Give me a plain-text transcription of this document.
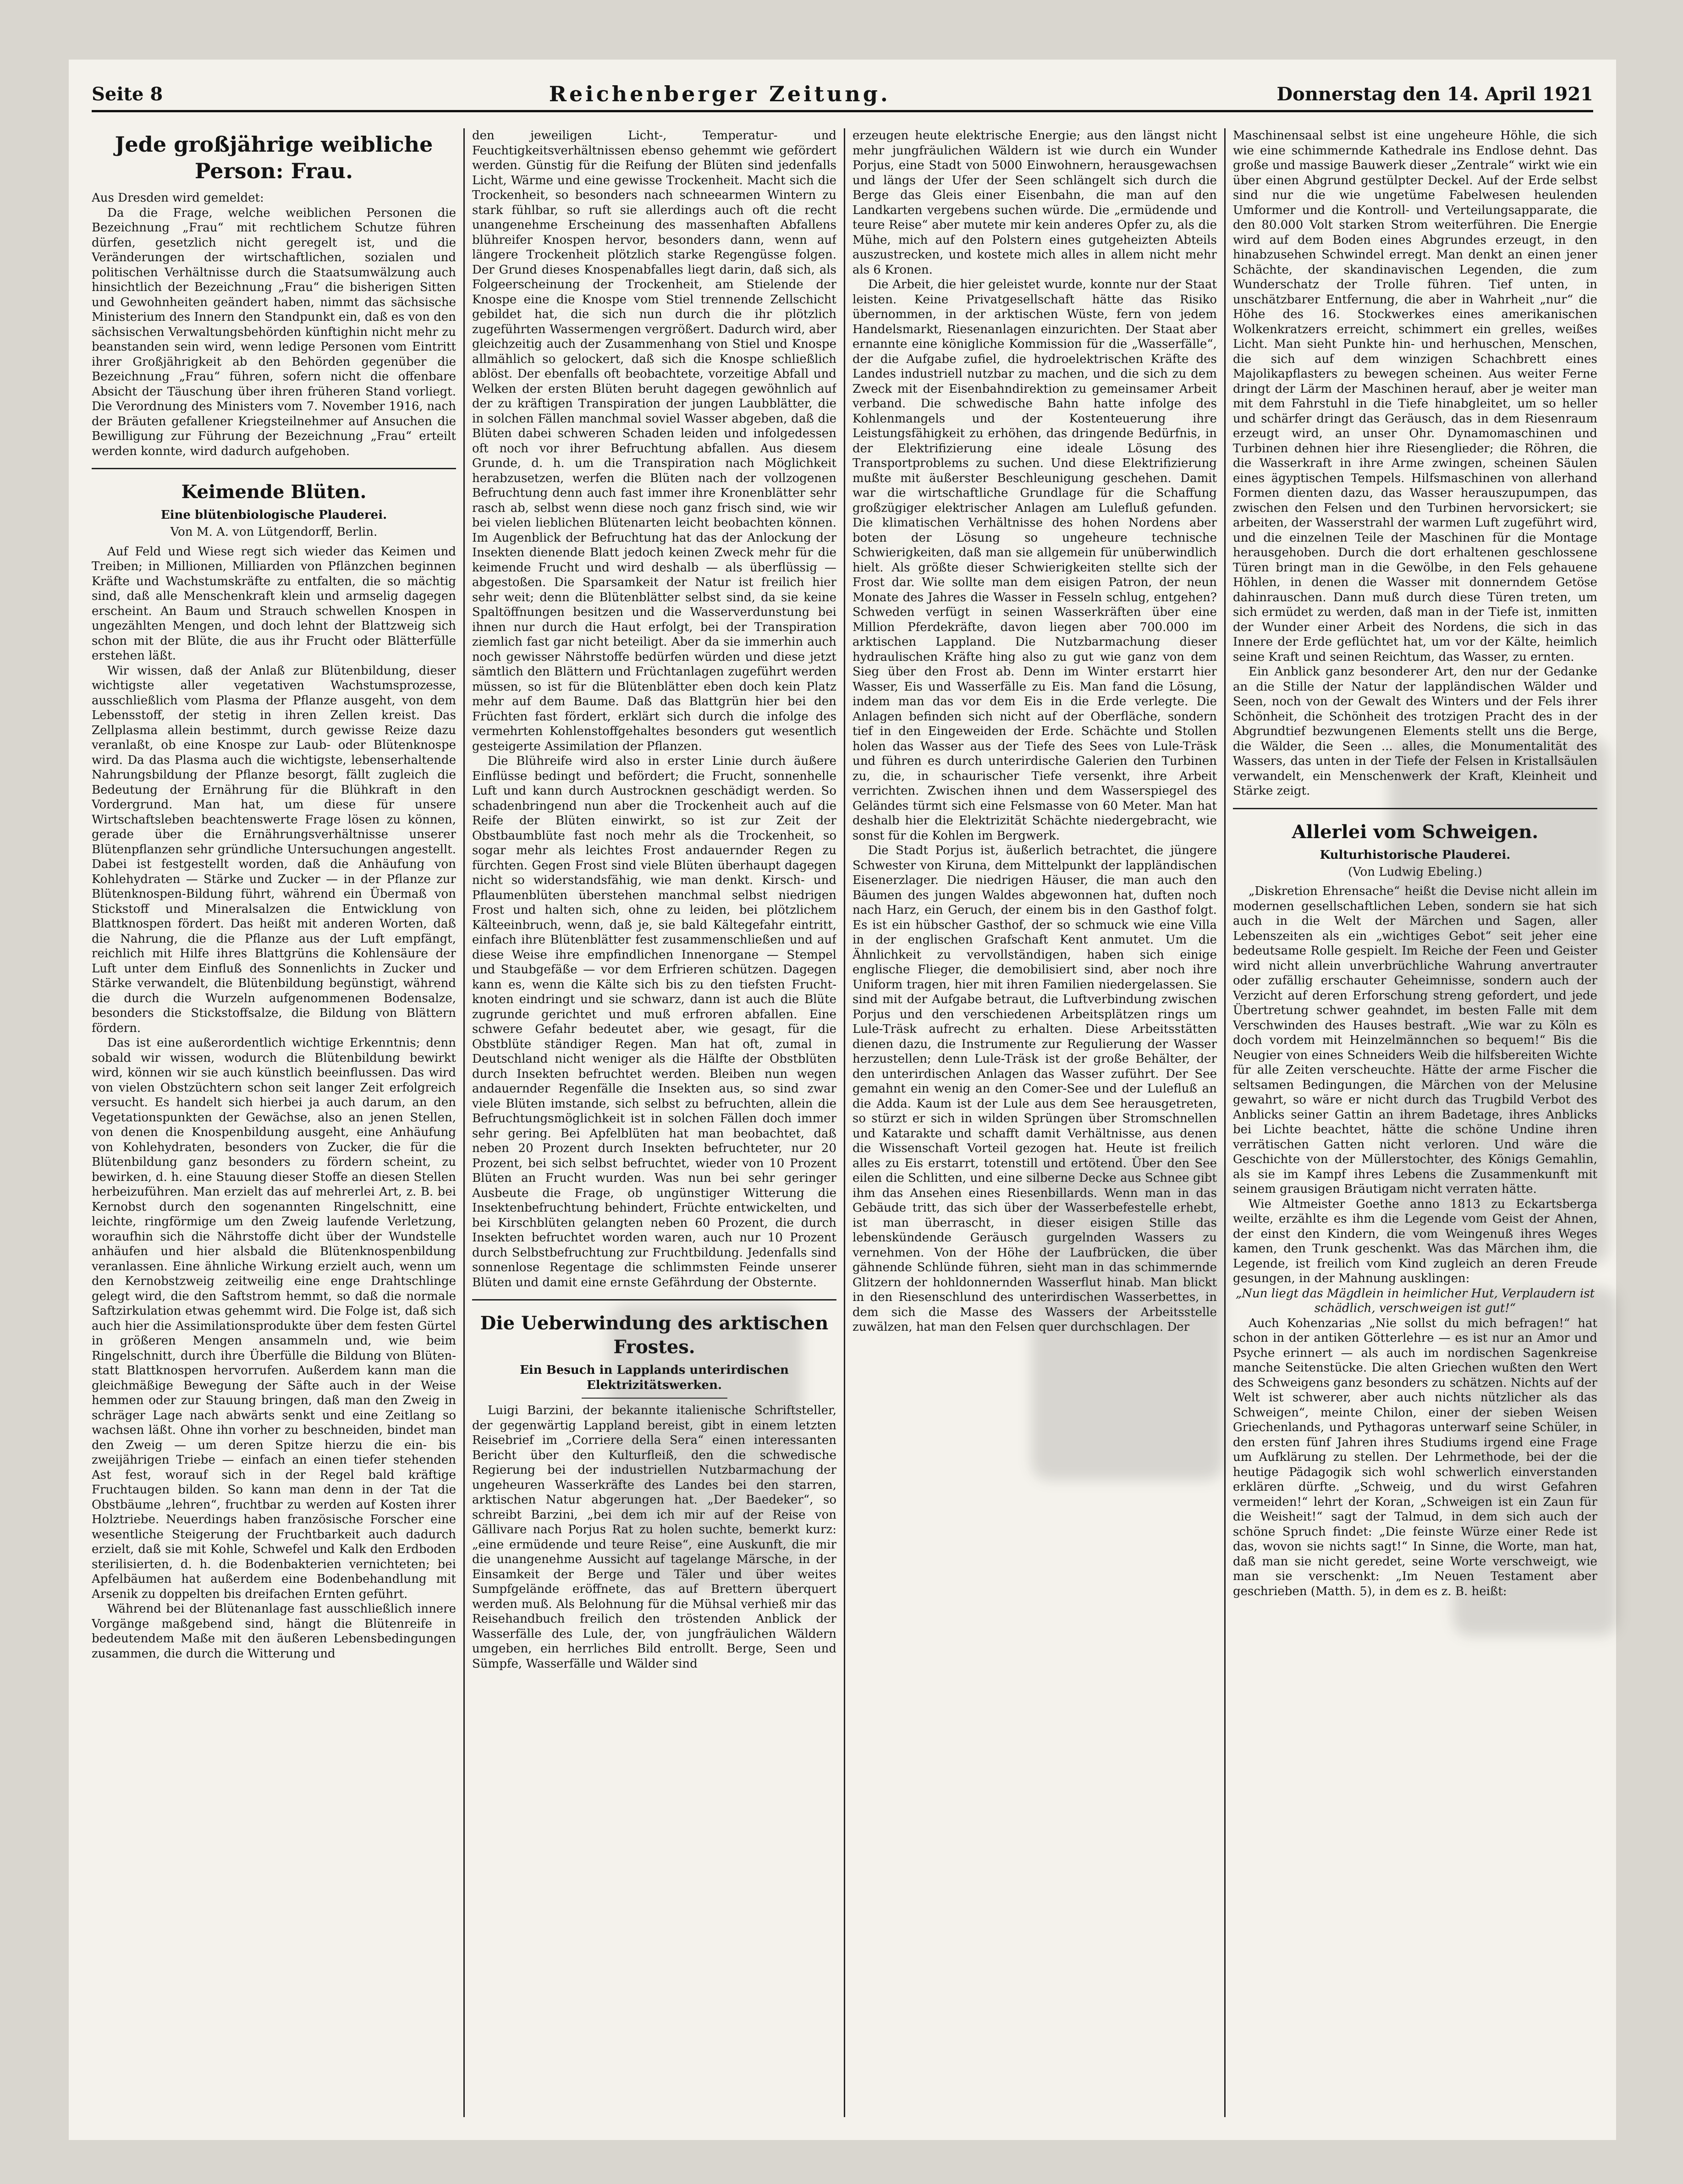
Seite 8	Reichenberger Zeitung.	Donnerstag den 14. April 1921
Jede großjährige weibliche Person: Frau.

Aus Dresden wird gemeldet:

Da die Frage, welche weiblichen Personen die Bezeichnung „Frau“ mit rechtlichem Schutze führen dürfen, gesetzlich nicht geregelt ist, und die Veränderungen der wirtschaftlichen, sozialen und politischen Verhältnisse durch die Staatsumwälzung auch hinsichtlich der Bezeichnung „Frau“ die bisherigen Sitten und Gewohnheiten geändert haben, nimmt das sächsische Ministerium des Innern den Standpunkt ein, daß es von den sächsischen Verwaltungsbehörden künftighin nicht mehr zu beanstanden sein wird, wenn ledige Personen vom Eintritt ihrer Großjährigkeit ab den Behörden gegenüber die Bezeichnung „Frau“ führen, sofern nicht die offenbare Absicht der Täuschung über ihren früheren Stand vorliegt. Die Verordnung des Ministers vom 7. November 1916, nach der Bräuten gefallener Kriegsteilnehmer auf Ansuchen die Bewilligung zur Führung der Bezeichnung „Frau“ erteilt werden konnte, wird dadurch aufgehoben.

Keimende Blüten.
Eine blütenbiologische Plauderei.
Von M. A. von Lütgendorff, Berlin.

Auf Feld und Wiese regt sich wieder das Keimen und Treiben; in Millionen, Milliarden von Pflänzchen beginnen Kräfte und Wachstumskräfte zu entfalten, die so mächtig sind, daß alle Menschenkraft klein und armselig dagegen erscheint. An Baum und Strauch schwellen Knospen in ungezählten Mengen, und doch lehnt der Blattzweig sich schon mit der Blüte, die aus ihr Frucht oder Blätterfülle erstehen läßt.

Wir wissen, daß der Anlaß zur Blütenbildung, dieser wichtigste aller vegetativen Wachstumsprozesse, ausschließlich vom Plasma der Pflanze ausgeht, von dem Lebensstoff, der stetig in ihren Zellen kreist. Das Zellplasma allein bestimmt, durch gewisse Reize dazu veranlaßt, ob eine Knospe zur Laub- oder Blütenknospe wird. Da das Plasma auch die wichtigste, lebenserhaltende Nahrungsbildung der Pflanze besorgt, fällt zugleich die Bedeutung der Ernährung für die Blühkraft in den Vordergrund. Man hat, um diese für unsere Wirtschaftsleben beachtenswerte Frage lösen zu können, gerade über die Ernährungsverhältnisse unserer Blütenpflanzen sehr gründliche Untersuchungen angestellt. Dabei ist festgestellt worden, daß die Anhäufung von Kohlehydraten — Stärke und Zucker — in der Pflanze zur Blütenknospen-Bildung führt, während ein Übermaß von Stickstoff und Mineralsalzen die Entwicklung von Blattknospen fördert. Das heißt mit anderen Worten, daß die Nahrung, die die Pflanze aus der Luft empfängt, reichlich mit Hilfe ihres Blattgrüns die Kohlensäure der Luft unter dem Einfluß des Sonnenlichts in Zucker und Stärke verwandelt, die Blütenbildung begünstigt, während die durch die Wurzeln aufgenommenen Bodensalze, besonders die Stickstoffsalze, die Bildung von Blättern fördern.

Das ist eine außerordentlich wichtige Erkenntnis; denn sobald wir wissen, wodurch die Blütenbildung bewirkt wird, können wir sie auch künstlich beeinflussen. Das wird von vielen Obstzüchtern schon seit langer Zeit erfolgreich versucht. Es handelt sich hierbei ja auch darum, an den Vegetationspunkten der Gewächse, also an jenen Stellen, von denen die Knospenbildung ausgeht, eine Anhäufung von Kohlehydraten, besonders von Zucker, die für die Blütenbildung ganz besonders zu fördern scheint, zu bewirken, d. h. eine Stauung dieser Stoffe an diesen Stellen herbeizuführen. Man erzielt das auf mehrerlei Art, z. B. bei Kernobst durch den sogenannten Ringelschnitt, eine leichte, ringförmige um den Zweig laufende Verletzung, woraufhin sich die Nährstoffe dicht über der Wundstelle anhäufen und hier alsbald die Blütenknospenbildung veranlassen. Eine ähnliche Wirkung erzielt auch, wenn um den Kernobstzweig zeitweilig eine enge Drahtschlinge gelegt wird, die den Saftstrom hemmt, so daß die normale Saftzirkulation etwas gehemmt wird. Die Folge ist, daß sich auch hier die Assimilationsprodukte über dem festen Gürtel in größeren Mengen ansammeln und, wie beim Ringelschnitt, durch ihre Überfülle die Bildung von Blüten- statt Blattknospen hervorrufen. Außerdem kann man die gleichmäßige Bewegung der Säfte auch in der Weise hemmen oder zur Stauung bringen, daß man den Zweig in schräger Lage nach abwärts senkt und eine Zeitlang so wachsen läßt. Ohne ihn vorher zu beschneiden, bindet man den Zweig — um deren Spitze hierzu die ein- bis zweijährigen Triebe — einfach an einen tiefer stehenden Ast fest, worauf sich in der Regel bald kräftige Fruchtaugen bilden. So kann man denn in der Tat die Obstbäume „lehren“, fruchtbar zu werden auf Kosten ihrer Holztriebe. Neuerdings haben französische Forscher eine wesentliche Steigerung der Fruchtbarkeit auch dadurch erzielt, daß sie mit Kohle, Schwefel und Kalk den Erdboden sterilisierten, d. h. die Bodenbakterien vernichteten; bei Apfelbäumen hat außerdem eine Bodenbehandlung mit Arsenik zu doppelten bis dreifachen Ernten geführt.

Während bei der Blütenanlage fast ausschließlich innere Vorgänge maßgebend sind, hängt die Blütenreife in bedeutendem Maße mit den äußeren Lebensbedingungen zusammen, die durch die Witterung und

den jeweiligen Licht-, Temperatur- und Feuchtigkeitsverhältnissen ebenso gehemmt wie gefördert werden. Günstig für die Reifung der Blüten sind jedenfalls Licht, Wärme und eine gewisse Trockenheit. Macht sich die Trockenheit, so besonders nach schneearmen Wintern zu stark fühlbar, so ruft sie allerdings auch oft die recht unangenehme Erscheinung des massenhaften Abfallens blühreifer Knospen hervor, besonders dann, wenn auf längere Trockenheit plötzlich starke Regengüsse folgen. Der Grund dieses Knospenabfalles liegt darin, daß sich, als Folgeerscheinung der Trockenheit, am Stielende der Knospe eine die Knospe vom Stiel trennende Zellschicht gebildet hat, die sich nun durch die ihr plötzlich zugeführten Wassermengen vergrößert. Dadurch wird, aber gleichzeitig auch der Zusammenhang von Stiel und Knospe allmählich so gelockert, daß sich die Knospe schließlich ablöst. Der ebenfalls oft beobachtete, vorzeitige Abfall und Welken der ersten Blüten beruht dagegen gewöhnlich auf der zu kräftigen Transpiration der jungen Laubblätter, die in solchen Fällen manchmal soviel Wasser abgeben, daß die Blüten dabei schweren Schaden leiden und infolgedessen oft noch vor ihrer Befruchtung abfallen. Aus diesem Grunde, d. h. um die Transpiration nach Möglichkeit herabzusetzen, werfen die Blüten nach der vollzogenen Befruchtung denn auch fast immer ihre Kronenblätter sehr rasch ab, selbst wenn diese noch ganz frisch sind, wie wir bei vielen lieblichen Blütenarten leicht beobachten können. Im Augenblick der Befruchtung hat das der Anlockung der Insekten dienende Blatt jedoch keinen Zweck mehr für die keimende Frucht und wird deshalb — als überflüssig — abgestoßen. Die Sparsamkeit der Natur ist freilich hier sehr weit; denn die Blütenblätter selbst sind, da sie keine Spaltöffnungen besitzen und die Wasserverdunstung bei ihnen nur durch die Haut erfolgt, bei der Transpiration ziemlich fast gar nicht beteiligt. Aber da sie immerhin auch noch gewisser Nährstoffe bedürfen würden und diese jetzt sämtlich den Blättern und Früchtanlagen zugeführt werden müssen, so ist für die Blütenblätter eben doch kein Platz mehr auf dem Baume. Daß das Blattgrün hier bei den Früchten fast fördert, erklärt sich durch die infolge des vermehrten Kohlenstoffgehaltes besonders gut wesentlich gesteigerte Assimilation der Pflanzen.

Die Blühreife wird also in erster Linie durch äußere Einflüsse bedingt und befördert; die Frucht, sonnenhelle Luft und kann durch Austrocknen geschädigt werden. So schadenbringend nun aber die Trockenheit auch auf die Reife der Blüten einwirkt, so ist zur Zeit der Obstbaumblüte fast noch mehr als die Trockenheit, so sogar mehr als leichtes Frost andauernder Regen zu fürchten. Gegen Frost sind viele Blüten überhaupt dagegen nicht so widerstandsfähig, wie man denkt. Kirsch- und Pflaumenblüten überstehen manchmal selbst niedrigen Frost und halten sich, ohne zu leiden, bei plötzlichem Kälteeinbruch, wenn, daß je, sie bald Kältegefahr eintritt, einfach ihre Blütenblätter fest zusammenschließen und auf diese Weise ihre empfindlichen Innenorgane — Stempel und Staubgefäße — vor dem Erfrieren schützen. Dagegen kann es, wenn die Kälte sich bis zu den tiefsten Frucht-knoten eindringt und sie schwarz, dann ist auch die Blüte zugrunde gerichtet und muß erfroren abfallen. Eine schwere Gefahr bedeutet aber, wie gesagt, für die Obstblüte ständiger Regen. Man hat oft, zumal in Deutschland nicht weniger als die Hälfte der Obstblüten durch Insekten befruchtet werden. Bleiben nun wegen andauernder Regenfälle die Insekten aus, so sind zwar viele Blüten imstande, sich selbst zu befruchten, allein die Befruchtungsmöglichkeit ist in solchen Fällen doch immer sehr gering. Bei Apfelblüten hat man beobachtet, daß neben 20 Prozent durch Insekten befruchteter, nur 20 Prozent, bei sich selbst befruchtet, wieder von 10 Prozent Blüten an Frucht wurden. Was nun bei sehr geringer Ausbeute die Frage, ob ungünstiger Witterung die Insektenbefruchtung behindert, Früchte entwickelten, und bei Kirschblüten gelangten neben 60 Prozent, die durch Insekten befruchtet worden waren, auch nur 10 Prozent durch Selbstbefruchtung zur Fruchtbildung. Jedenfalls sind sonnenlose Regentage die schlimmsten Feinde unserer Blüten und damit eine ernste Gefährdung der Obsternte.

Die Ueberwindung des arktischen Frostes.
Ein Besuch in Lapplands unterirdischen Elektrizitätswerken.

Luigi Barzini, der bekannte italienische Schriftsteller, der gegenwärtig Lappland bereist, gibt in einem letzten Reisebrief im „Corriere della Sera“ einen interessanten Bericht über den Kulturfleiß, den die schwedische Regierung bei der industriellen Nutzbarmachung der ungeheuren Wasserkräfte des Landes bei den starren, arktischen Natur abgerungen hat. „Der Baedeker“, so schreibt Barzini, „bei dem ich mir auf der Reise von Gällivare nach Porjus Rat zu holen suchte, bemerkt kurz: „eine ermüdende und teure Reise“, eine Auskunft, die mir die unangenehme Aussicht auf tagelange Märsche, in der Einsamkeit der Berge und Täler und über weites Sumpfgelände eröffnete, das auf Brettern überquert werden muß. Als Belohnung für die Mühsal verhieß mir das Reisehandbuch freilich den tröstenden Anblick der Wasserfälle des Lule, der, von jungfräulichen Wäldern umgeben, ein herrliches Bild entrollt. Berge, Seen und Sümpfe, Wasserfälle und Wälder sind

erzeugen heute elektrische Energie; aus den längst nicht mehr jungfräulichen Wäldern ist wie durch ein Wunder Porjus, eine Stadt von 5000 Einwohnern, herausgewachsen und längs der Ufer der Seen schlängelt sich durch die Berge das Gleis einer Eisenbahn, die man auf den Landkarten vergebens suchen würde. Die „ermüdende und teure Reise“ aber mutete mir kein anderes Opfer zu, als die Mühe, mich auf den Polstern eines gutgeheizten Abteils auszustrecken, und kostete mich alles in allem nicht mehr als 6 Kronen.

Die Arbeit, die hier geleistet wurde, konnte nur der Staat leisten. Keine Privatgesellschaft hätte das Risiko übernommen, in der arktischen Wüste, fern von jedem Handelsmarkt, Riesenanlagen einzurichten. Der Staat aber ernannte eine königliche Kommission für die „Wasserfälle“, der die Aufgabe zufiel, die hydroelektrischen Kräfte des Landes industriell nutzbar zu machen, und die sich zu dem Zweck mit der Eisenbahndirektion zu gemeinsamer Arbeit verband. Die schwedische Bahn hatte infolge des Kohlenmangels und der Kostenteuerung ihre Leistungsfähigkeit zu erhöhen, das dringende Bedürfnis, in der Elektrifizierung eine ideale Lösung des Transportproblems zu suchen. Und diese Elektrifizierung mußte mit äußerster Beschleunigung geschehen. Damit war die wirtschaftliche Grundlage für die Schaffung großzügiger elektrischer Anlagen am Lulefluß gefunden. Die klimatischen Verhältnisse des hohen Nordens aber boten der Lösung so ungeheure technische Schwierigkeiten, daß man sie allgemein für unüberwindlich hielt. Als größte dieser Schwierigkeiten stellte sich der Frost dar. Wie sollte man dem eisigen Patron, der neun Monate des Jahres die Wasser in Fesseln schlug, entgehen? Schweden verfügt in seinen Wasserkräften über eine Million Pferdekräfte, davon liegen aber 700.000 im arktischen Lappland. Die Nutzbarmachung dieser hydraulischen Kräfte hing also zu gut wie ganz von dem Sieg über den Frost ab. Denn im Winter erstarrt hier Wasser, Eis und Wasserfälle zu Eis. Man fand die Lösung, indem man das vor dem Eis in die Erde verlegte. Die Anlagen befinden sich nicht auf der Oberfläche, sondern tief in den Eingeweiden der Erde. Schächte und Stollen holen das Wasser aus der Tiefe des Sees von Lule-Träsk und führen es durch unterirdische Galerien den Turbinen zu, die, in schaurischer Tiefe versenkt, ihre Arbeit verrichten. Zwischen ihnen und dem Wasserspiegel des Geländes türmt sich eine Felsmasse von 60 Meter. Man hat deshalb hier die Elektrizität Schächte niedergebracht, wie sonst für die Kohlen im Bergwerk.

Die Stadt Porjus ist, äußerlich betrachtet, die jüngere Schwester von Kiruna, dem Mittelpunkt der lappländischen Eisenerzlager. Die niedrigen Häuser, die man auch den Bäumen des jungen Waldes abgewonnen hat, duften noch nach Harz, ein Geruch, der einem bis in den Gasthof folgt. Es ist ein hübscher Gasthof, der so schmuck wie eine Villa in der englischen Grafschaft Kent anmutet. Um die Ähnlichkeit zu vervollständigen, haben sich einige englische Flieger, die demobilisiert sind, aber noch ihre Uniform tragen, hier mit ihren Familien niedergelassen. Sie sind mit der Aufgabe betraut, die Luftverbindung zwischen Porjus und den verschiedenen Arbeitsplätzen rings um Lule-Träsk aufrecht zu erhalten. Diese Arbeitsstätten dienen dazu, die Instrumente zur Regulierung der Wasser herzustellen; denn Lule-Träsk ist der große Behälter, der den unterirdischen Anlagen das Wasser zuführt. Der See gemahnt ein wenig an den Comer-See und der Lulefluß an die Adda. Kaum ist der Lule aus dem See herausgetreten, so stürzt er sich in wilden Sprüngen über Stromschnellen und Katarakte und schafft damit Verhältnisse, aus denen die Wissenschaft Vorteil gezogen hat. Heute ist freilich alles zu Eis erstarrt, totenstill und ertötend. Über den See eilen die Schlitten, und eine silberne Decke aus Schnee gibt ihm das Ansehen eines Riesenbillards. Wenn man in das Gebäude tritt, das sich über der Wasserbefestelle erhebt, ist man überrascht, in dieser eisigen Stille das lebenskündende Geräusch gurgelnden Wassers zu vernehmen. Von der Höhe der Laufbrücken, die über gähnende Schlünde führen, sieht man in das schimmernde Glitzern der hohldonnernden Wasserflut hinab. Man blickt in den Riesenschlund des unterirdischen Wasserbettes, in dem sich die Masse des Wassers der Arbeitsstelle zuwälzen, hat man den Felsen quer durchschlagen. Der

Maschinensaal selbst ist eine ungeheure Höhle, die sich wie eine schimmernde Kathedrale ins Endlose dehnt. Das große und massige Bauwerk dieser „Zentrale“ wirkt wie ein über einen Abgrund gestülpter Deckel. Auf der Erde selbst sind nur die wie ungetüme Fabelwesen heulenden Umformer und die Kontroll- und Verteilungsapparate, die den 80.000 Volt starken Strom weiterführen. Die Energie wird auf dem Boden eines Abgrundes erzeugt, in den hinabzusehen Schwindel erregt. Man denkt an einen jener Schächte, der skandinavischen Legenden, die zum Wunderschatz der Trolle führen. Tief unten, in unschätzbarer Entfernung, die aber in Wahrheit „nur“ die Höhe des 16. Stockwerkes eines amerikanischen Wolkenkratzers erreicht, schimmert ein grelles, weißes Licht. Man sieht Punkte hin- und herhuschen, Menschen, die sich auf dem winzigen Schachbrett eines Majolikapflasters zu bewegen scheinen. Aus weiter Ferne dringt der Lärm der Maschinen herauf, aber je weiter man mit dem Fahrstuhl in die Tiefe hinabgleitet, um so heller und schärfer dringt das Geräusch, das in dem Riesenraum erzeugt wird, an unser Ohr. Dynamomaschinen und Turbinen dehnen hier ihre Riesenglieder; die Röhren, die die Wasserkraft in ihre Arme zwingen, scheinen Säulen eines ägyptischen Tempels. Hilfsmaschinen von allerhand Formen dienten dazu, das Wasser herauszupumpen, das zwischen den Felsen und den Turbinen hervorsickert; sie arbeiten, der Wasserstrahl der warmen Luft zugeführt wird, und die einzelnen Teile der Maschinen für die Montage herausgehoben. Durch die dort erhaltenen geschlossene Türen bringt man in die Gewölbe, in den Fels gehauene Höhlen, in denen die Wasser mit donnerndem Getöse dahinrauschen. Dann muß durch diese Türen treten, um sich ermüdet zu werden, daß man in der Tiefe ist, inmitten der Wunder einer Arbeit des Nordens, die sich in das Innere der Erde geflüchtet hat, um vor der Kälte, heimlich seine Kraft und seinen Reichtum, das Wasser, zu ernten.

Ein Anblick ganz besonderer Art, den nur der Gedanke an die Stille der Natur der lappländischen Wälder und Seen, noch von der Gewalt des Winters und der Fels ihrer Schönheit, die Schönheit des trotzigen Pracht des in der Abgrundtief bezwungenen Elements stellt uns die Berge, die Wälder, die Seen ... alles, die Monumentalität des Wassers, das unten in der Tiefe der Felsen in Kristallsäulen verwandelt, ein Menschenwerk der Kraft, Kleinheit und Stärke zeigt.

Allerlei vom Schweigen.
Kulturhistorische Plauderei.
(Von Ludwig Ebeling.)

„Diskretion Ehrensache“ heißt die Devise nicht allein im modernen gesellschaftlichen Leben, sondern sie hat sich auch in die Welt der Märchen und Sagen, aller Lebenszeiten als ein „wichtiges Gebot“ seit jeher eine bedeutsame Rolle gespielt. Im Reiche der Feen und Geister wird nicht allein unverbrüchliche Wahrung anvertrauter oder zufällig erschauter Geheimnisse, sondern auch der Verzicht auf deren Erforschung streng gefordert, und jede Übertretung schwer geahndet, im besten Falle mit dem Verschwinden des Hauses bestraft. „Wie war zu Köln es doch vordem mit Heinzelmännchen so bequem!“ Bis die Neugier von eines Schneiders Weib die hilfsbereiten Wichte für alle Zeiten verscheuchte. Hätte der arme Fischer die seltsamen Bedingungen, die Märchen von der Melusine gewahrt, so wäre er nicht durch das Trugbild Verbot des Anblicks seiner Gattin an ihrem Badetage, ihres Anblicks bei Lichte beachtet, hätte die schöne Undine ihren verrätischen Gatten nicht verloren. Und wäre die Geschichte von der Müllerstochter, des Königs Gemahlin, als sie im Kampf ihres Lebens die Zusammenkunft mit seinem grausigen Bräutigam nicht verraten hätte.

Wie Altmeister Goethe anno 1813 zu Eckartsberga weilte, erzählte es ihm die Legende vom Geist der Ahnen, der einst den Kindern, die vom Weingenuß ihres Weges kamen, den Trunk geschenkt. Was das Märchen ihm, die Legende, ist freilich vom Kind zugleich an deren Freude gesungen, in der Mahnung ausklingen:

„Nun liegt das Mägdlein in heimlicher Hut, Verplaudern ist schädlich, verschweigen ist gut!“

Auch Kohenzarias „Nie sollst du mich befragen!“ hat schon in der antiken Götterlehre — es ist nur an Amor und Psyche erinnert — als auch im nordischen Sagenkreise manche Seitenstücke. Die alten Griechen wußten den Wert des Schweigens ganz besonders zu schätzen. Nichts auf der Welt ist schwerer, aber auch nichts nützlicher als das Schweigen“, meinte Chilon, einer der sieben Weisen Griechenlands, und Pythagoras unterwarf seine Schüler, in den ersten fünf Jahren ihres Studiums irgend eine Frage um Aufklärung zu stellen. Der Lehrmethode, bei der die heutige Pädagogik sich wohl schwerlich einverstanden erklären dürfte. „Schweig, und du wirst Gefahren vermeiden!“ lehrt der Koran, „Schweigen ist ein Zaun für die Weisheit!“ sagt der Talmud, in dem sich auch der schöne Spruch findet: „Die feinste Würze einer Rede ist das, wovon sie nichts sagt!“ In Sinne, die Worte, man hat, daß man sie nicht geredet, seine Worte verschweigt, wie man sie verschenkt: „Im Neuen Testament aber geschrieben (Matth. 5), in dem es z. B. heißt:
